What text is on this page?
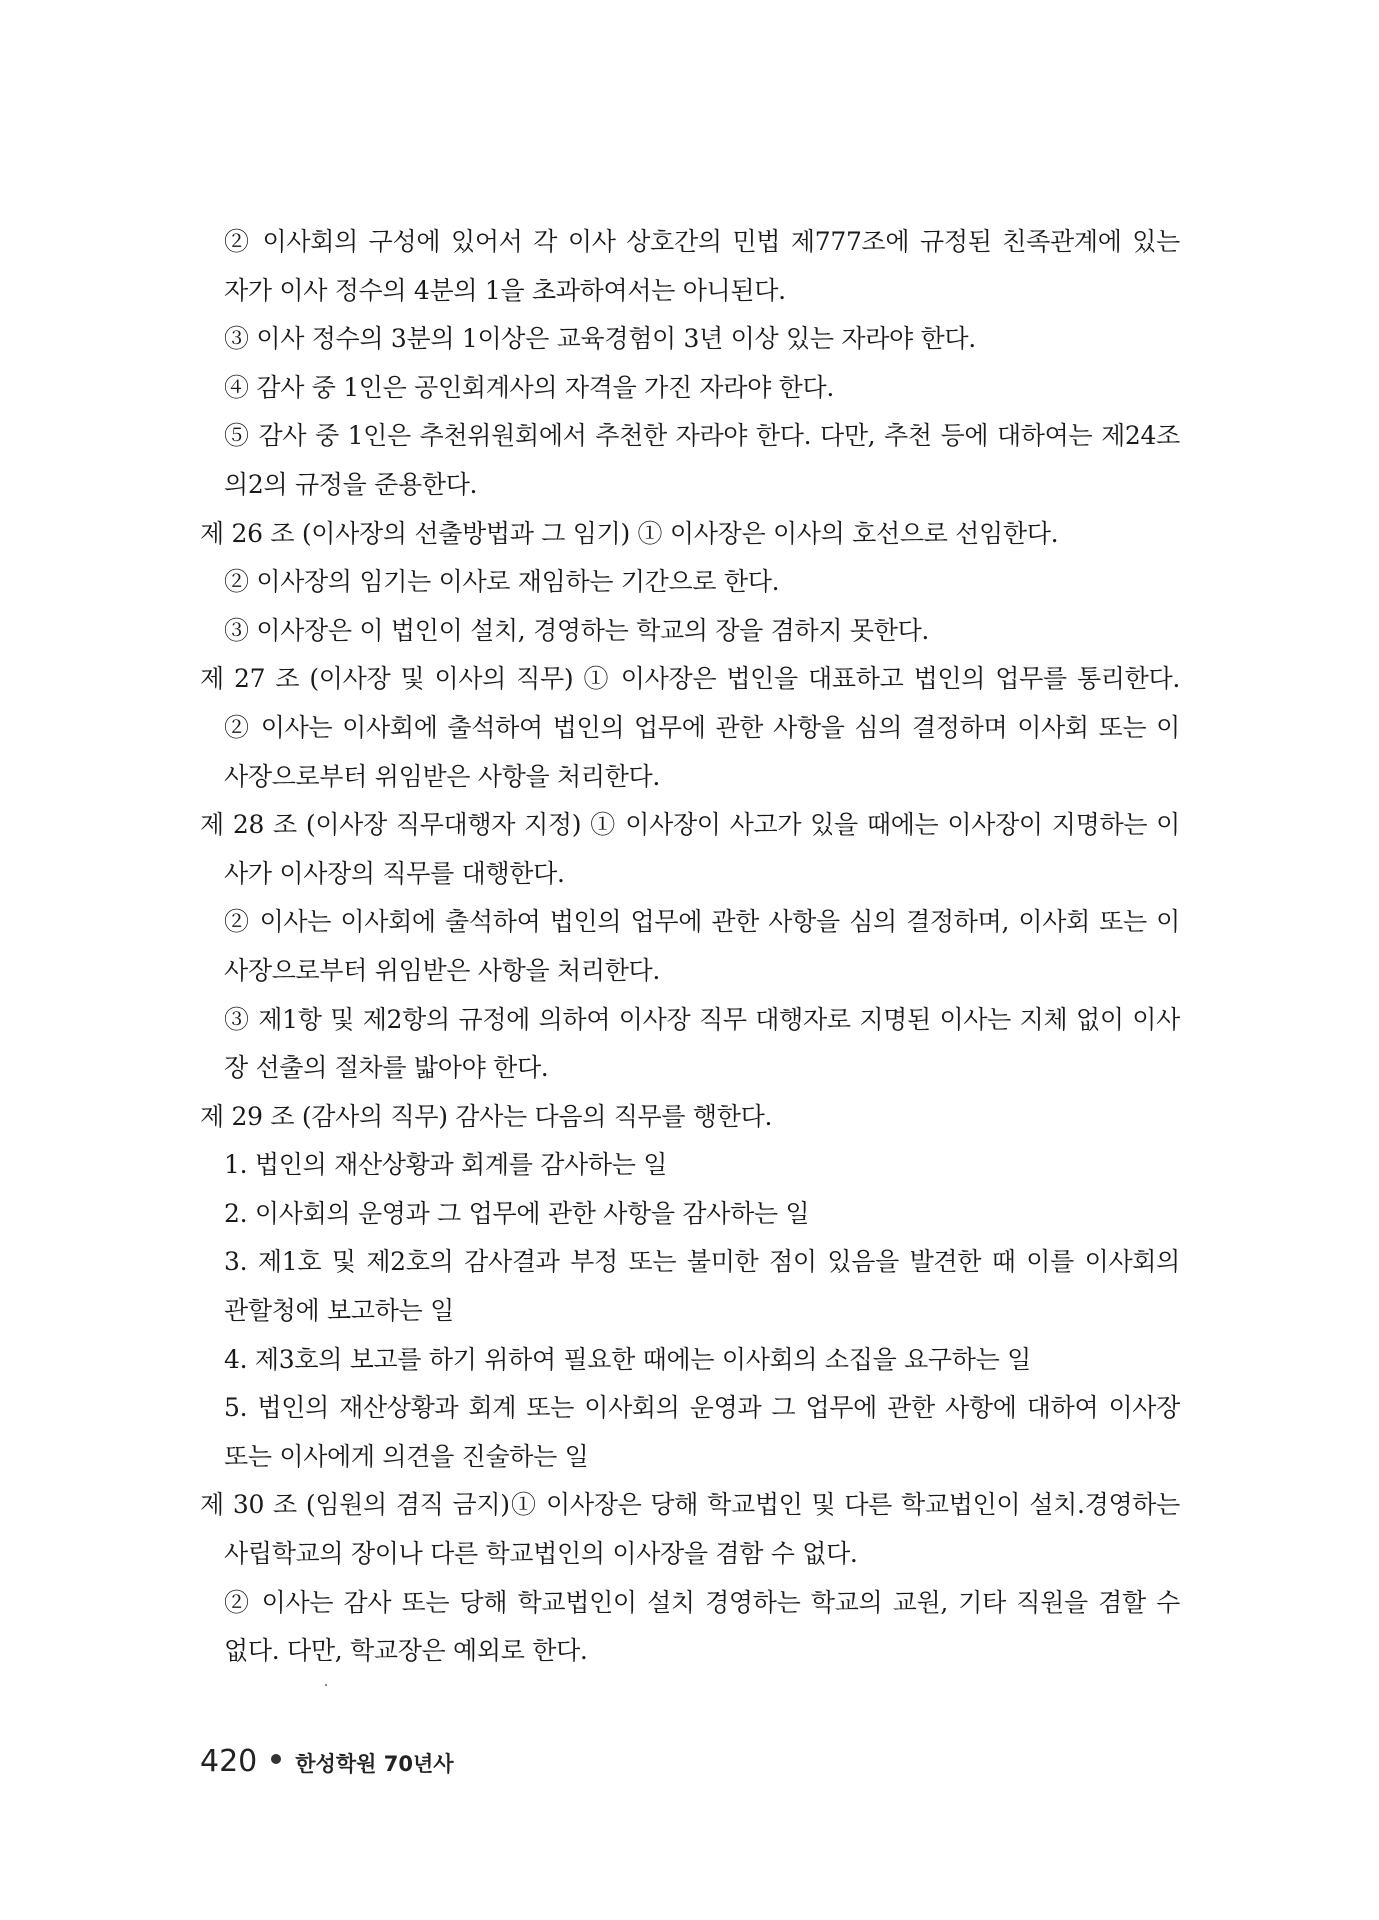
② 이사회의 구성에 있어서 각 이사 상호간의 민법 제777조에 규정된 친족관계에 있는
자가 이사 정수의 4분의 1을 초과하여서는 아니된다.
③ 이사 정수의 3분의 1이상은 교육경험이 3년 이상 있는 자라야 한다.
④ 감사 중 1인은 공인회계사의 자격을 가진 자라야 한다.
⑤ 감사 중 1인은 추천위원회에서 추천한 자라야 한다. 다만, 추천 등에 대하여는 제24조
의2의 규정을 준용한다.
제 26 조 (이사장의 선출방법과 그 임기) ① 이사장은 이사의 호선으로 선임한다.
② 이사장의 임기는 이사로 재임하는 기간으로 한다.
③ 이사장은 이 법인이 설치, 경영하는 학교의 장을 겸하지 못한다.
제 27 조 (이사장 및 이사의 직무) ① 이사장은 법인을 대표하고 법인의 업무를 통리한다.
② 이사는 이사회에 출석하여 법인의 업무에 관한 사항을 심의 결정하며 이사회 또는 이
사장으로부터 위임받은 사항을 처리한다.
제 28 조 (이사장 직무대행자 지정) ① 이사장이 사고가 있을 때에는 이사장이 지명하는 이
사가 이사장의 직무를 대행한다.
② 이사는 이사회에 출석하여 법인의 업무에 관한 사항을 심의 결정하며, 이사회 또는 이
사장으로부터 위임받은 사항을 처리한다.
③ 제1항 및 제2항의 규정에 의하여 이사장 직무 대행자로 지명된 이사는 지체 없이 이사
장 선출의 절차를 밟아야 한다.
제 29 조 (감사의 직무) 감사는 다음의 직무를 행한다.
1. 법인의 재산상황과 회계를 감사하는 일
2. 이사회의 운영과 그 업무에 관한 사항을 감사하는 일
3. 제1호 및 제2호의 감사결과 부정 또는 불미한 점이 있음을 발견한 때 이를 이사회의
관할청에 보고하는 일
4. 제3호의 보고를 하기 위하여 필요한 때에는 이사회의 소집을 요구하는 일
5. 법인의 재산상황과 회계 또는 이사회의 운영과 그 업무에 관한 사항에 대하여 이사장
또는 이사에게 의견을 진술하는 일
제 30 조 (임원의 겸직 금지)① 이사장은 당해 학교법인 및 다른 학교법인이 설치.경영하는
사립학교의 장이나 다른 학교법인의 이사장을 겸함 수 없다.
② 이사는 감사 또는 당해 학교법인이 설치 경영하는 학교의 교원, 기타 직원을 겸할 수
없다. 다만, 학교장은 예외로 한다.
420 한성학원 70년사
